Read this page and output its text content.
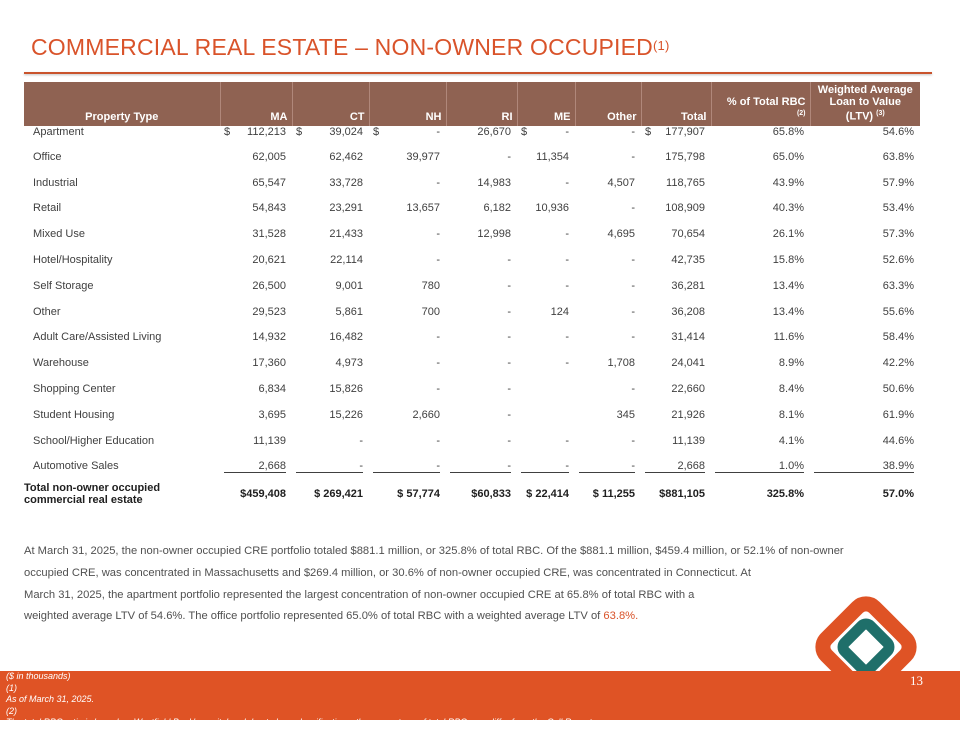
COMMERCIAL REAL ESTATE – NON-OWNER OCCUPIED$^{(1)}$
Property Type	MA	CT	NH	RI	ME	Other	Total	% of Total RBC $^{(2)}$	Weighted Average Loan to Value (LTV) $^{(3)}$
Apartment	$ 112,213	$ 39,024	$ -	26,670	$ -	-	$ 177,907	65.8%	54.6%
Office	62,005	62,462	39,977	-	11,354	-	175,798	65.0%	63.8%
Industrial	65,547	33,728	-	14,983	-	4,507	118,765	43.9%	57.9%
Retail	54,843	23,291	13,657	6,182	10,936	-	108,909	40.3%	53.4%
Mixed Use	31,528	21,433	-	12,998	-	4,695	70,654	26.1%	57.3%
Hotel/Hospitality	20,621	22,114	-	-	-	-	42,735	15.8%	52.6%
Self Storage	26,500	9,001	780	-	-	-	36,281	13.4%	63.3%
Other	29,523	5,861	700	-	124	-	36,208	13.4%	55.6%
Adult Care/Assisted Living	14,932	16,482	-	-	-	-	31,414	11.6%	58.4%
Warehouse	17,360	4,973	-	-	-	1,708	24,041	8.9%	42.2%
Shopping Center	6,834	15,826	-	-		-	22,660	8.4%	50.6%
Student Housing	3,695	15,226	2,660	-		345	21,926	8.1%	61.9%
School/Higher Education	11,139	-	-	-	-	-	11,139	4.1%	44.6%
Automotive Sales	2,668	-	-	-	-	-	2,668	1.0%	38.9%

Total non-owner occupied commercial real estate	$459,408	$ 269,421	$ 57,774	$60,833	$ 22,414	$ 11,255	$881,105	325.8%	57.0%
At March 31, 2025, the non-owner occupied CRE portfolio totaled $881.1 million, or 325.8% of total RBC. Of the $881.1 million, $459.4 million, or 52.1% of non-owner
occupied CRE, was concentrated in Massachusetts and $269.4 million, or 30.6% of non-owner occupied CRE, was concentrated in Connecticut. At
March 31, 2025, the apartment portfolio represented the largest concentration of non-owner occupied CRE at 65.8% of total RBC with a
weighted average LTV of 54.6%. The office portfolio represented 65.0% of total RBC with a weighted average LTV of 63.8%.
($ in thousands)
(1)
As of March 31, 2025.
(2)
The total RBC ratio is based on Westfield Bank's capital and due to loan classifications, the percentage of total RBC may differ from the Call Report.
(3)
Weighted average LTV is based on the original appraisal and the current loan balance.
13
